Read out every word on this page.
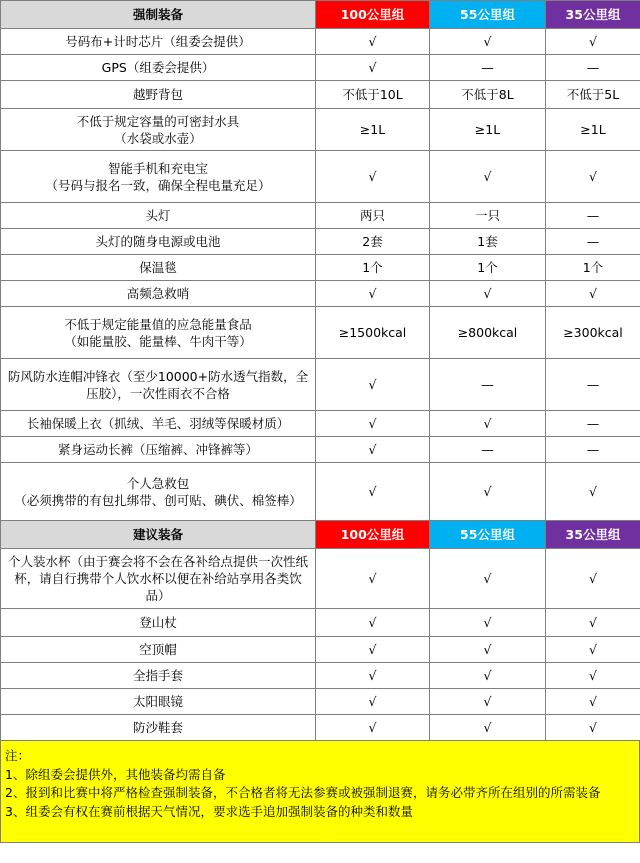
强制装备	100公里组	55公里组	35公里组
号码布+计时芯片（组委会提供）	√	√	√
GPS（组委会提供）	√	—	—
越野背包	不低于10L	不低于8L	不低于5L
不低于规定容量的可密封水具
（水袋或水壶）	≥1L	≥1L	≥1L
智能手机和充电宝
（号码与报名一致，确保全程电量充足）	√	√	√
头灯	两只	一只	—
头灯的随身电源或电池	2套	1套	—
保温毯	1个	1个	1个
高频急救哨	√	√	√
不低于规定能量值的应急能量食品
（如能量胶、能量棒、牛肉干等）	≥1500kcal	≥800kcal	≥300kcal
防风防水连帽冲锋衣（至少10000+防水透气指数，全压胶），一次性雨衣不合格	√	—	—
长袖保暖上衣（抓绒、羊毛、羽绒等保暖材质）	√	√	—
紧身运动长裤（压缩裤、冲锋裤等）	√	—	—
个人急救包
（必须携带的有包扎绑带、创可贴、碘伏、棉签棒）	√	√	√
建议装备	100公里组	55公里组	35公里组
个人装水杯（由于赛会将不会在各补给点提供一次性纸杯，请自行携带个人饮水杯以便在补给站享用各类饮品）	√	√	√
登山杖	√	√	√
空顶帽	√	√	√
全指手套	√	√	√
太阳眼镜	√	√	√
防沙鞋套	√	√	√
注：
1、除组委会提供外，其他装备均需自备
2、报到和比赛中将严格检查强制装备，不合格者将无法参赛或被强制退赛，请务必带齐所在组别的所需装备
3、组委会有权在赛前根据天气情况，要求选手追加强制装备的种类和数量
